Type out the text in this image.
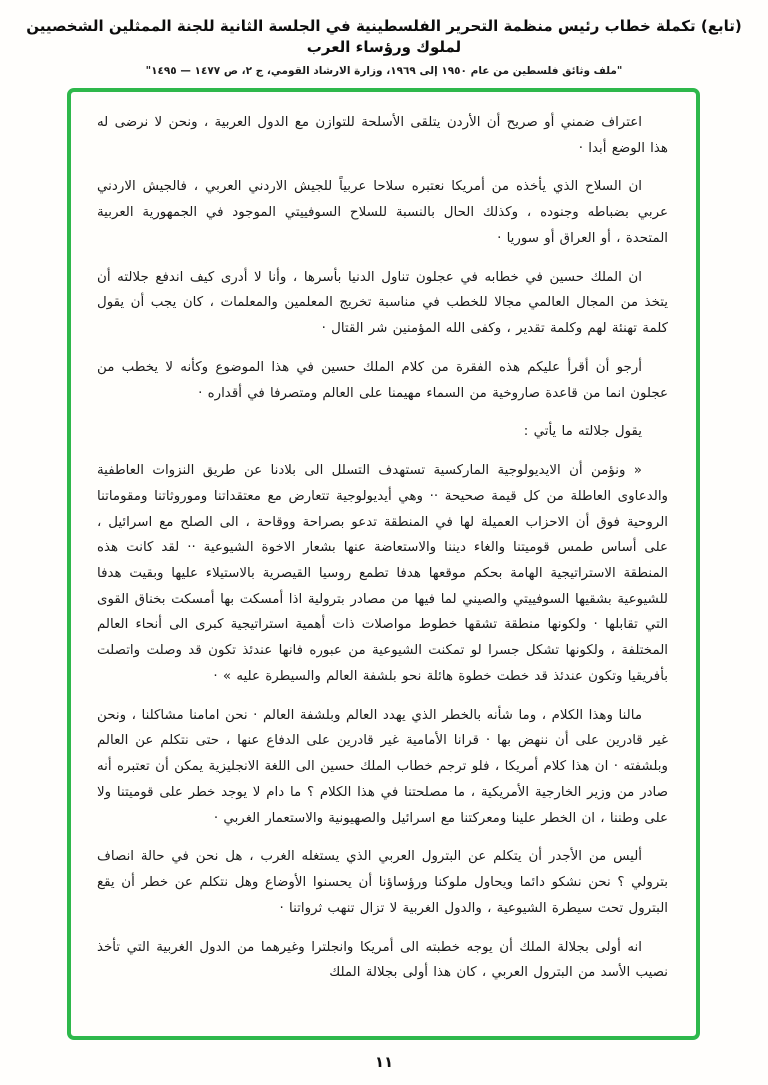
(تابع) تكملة خطاب رئيس منظمة التحرير الفلسطينية في الجلسة الثانية للجنة الممثلين الشخصيين لملوك ورؤساء العرب
"ملف وثائق فلسطين من عام ١٩٥٠ إلى ١٩٦٩، وزارة الارشاد القومي، ج ٢، ص ١٤٧٧ — ١٤٩٥"

اعتراف ضمني أو صريح أن الأردن يتلقى الأسلحة للتوازن مع الدول العربية ، ونحن لا نرضى له هذا الوضع أبدا ·

ان السلاح الذي يأخذه من أمريكا نعتبره سلاحا عربياً للجيش الاردني العربي ، فالجيش الاردني عربي بضباطه وجنوده ، وكذلك الحال بالنسبة للسلاح السوفييتي الموجود في الجمهورية العربية المتحدة ، أو العراق أو سوريا ·

ان الملك حسين في خطابه في عجلون تناول الدنيا بأسرها ، وأنا لا أدرى كيف اندفع جلالته أن يتخذ من المجال العالمي مجالا للخطب في مناسبة تخريج المعلمين والمعلمات ، كان يجب أن يقول كلمة تهنئة لهم وكلمة تقدير ، وكفى الله المؤمنين شر القتال ·

أرجو أن أقرأ عليكم هذه الفقرة من كلام الملك حسين في هذا الموضوع وكأنه لا يخطب من عجلون انما من قاعدة صاروخية من السماء مهيمنا على العالم ومتصرفا في أقداره ·

يقول جلالته ما يأتي :

« ونؤمن أن الايديولوجية الماركسية تستهدف التسلل الى بلادنا عن طريق النزوات العاطفية والدعاوى العاطلة من كل قيمة صحيحة ·· وهي أيديولوجية تتعارض مع معتقداتنا وموروثاتنا ومقوماتنا الروحية فوق أن الاحزاب العميلة لها في المنطقة تدعو بصراحة ووقاحة ، الى الصلح مع اسرائيل ، على أساس طمس قوميتنا والغاء ديننا والاستعاضة عنها بشعار الاخوة الشيوعية ·· لقد كانت هذه المنطقة الاستراتيجية الهامة بحكم موقعها هدفا تطمع روسيا القيصرية بالاستيلاء عليها وبقيت هدفا للشيوعية بشقيها السوفييتي والصيني لما فيها من مصادر بترولية اذا أمسكت بها أمسكت بخناق القوى التي تقابلها · ولكونها منطقة تشقها خطوط مواصلات ذات أهمية استراتيجية كبرى الى أنحاء العالم المختلفة ، ولكونها تشكل جسرا لو تمكنت الشيوعية من عبوره فانها عندئذ تكون قد وصلت واتصلت بأفريقيا وتكون عندئذ قد خطت خطوة هائلة نحو بلشفة العالم والسيطرة عليه » ·

مالنا وهذا الكلام ، وما شأنه بالخطر الذي يهدد العالم وبلشفة العالم · نحن امامنا مشاكلنا ، ونحن غير قادرين على أن ننهض بها · قرانا الأمامية غير قادرين على الدفاع عنها ، حتى نتكلم عن العالم وبلشفته · ان هذا كلام أمريكا ، فلو ترجم خطاب الملك حسين الى اللغة الانجليزية يمكن أن تعتبره أنه صادر من وزير الخارجية الأمريكية ، ما مصلحتنا في هذا الكلام ؟ ما دام لا يوجد خطر على قوميتنا ولا على وطننا ، ان الخطر علينا ومعركتنا مع اسرائيل والصهيونية والاستعمار الغربي ·

أليس من الأجدر أن يتكلم عن البترول العربي الذي يستغله الغرب ، هل نحن في حالة انصاف بترولي ؟ نحن نشكو دائما ويحاول ملوكنا ورؤساؤنا أن يحسنوا الأوضاع وهل نتكلم عن خطر أن يقع البترول تحت سيطرة الشيوعية ، والدول الغربية لا تزال تنهب ثرواتنا ·

انه أولى بجلالة الملك أن يوجه خطبته الى أمريكا وانجلترا وغيرهما من الدول الغربية التي تأخذ نصيب الأسد من البترول العربي ، كان هذا أولى بجلالة الملك

١١
